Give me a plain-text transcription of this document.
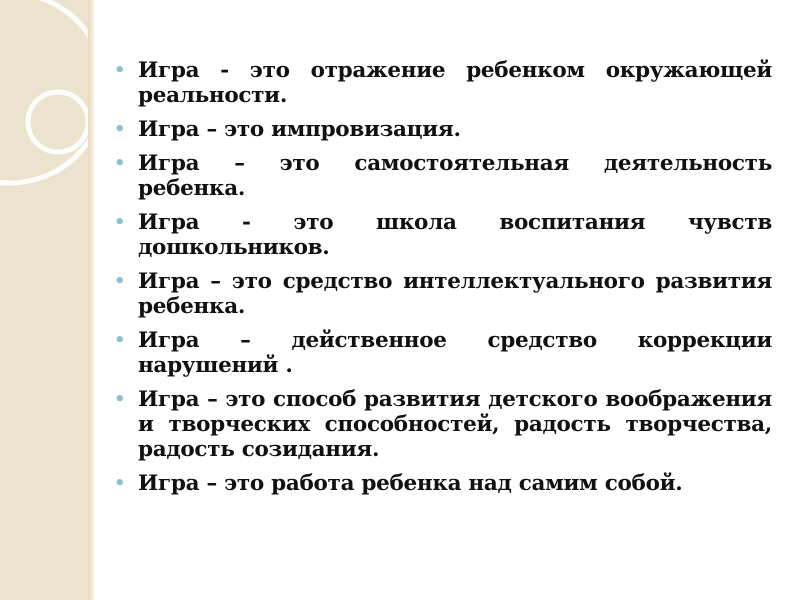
• Игра - это отражение ребенком окружающей реальности.
• Игра – это импровизация.
• Игра – это самостоятельная деятельность ребенка.
• Игра - это школа воспитания чувств дошкольников.
• Игра – это средство интеллектуального развития ребенка.
• Игра – действенное средство коррекции нарушений .
• Игра – это способ развития детского воображения и творческих способностей, радость творчества, радость созидания.
• Игра – это работа ребенка над самим собой.
